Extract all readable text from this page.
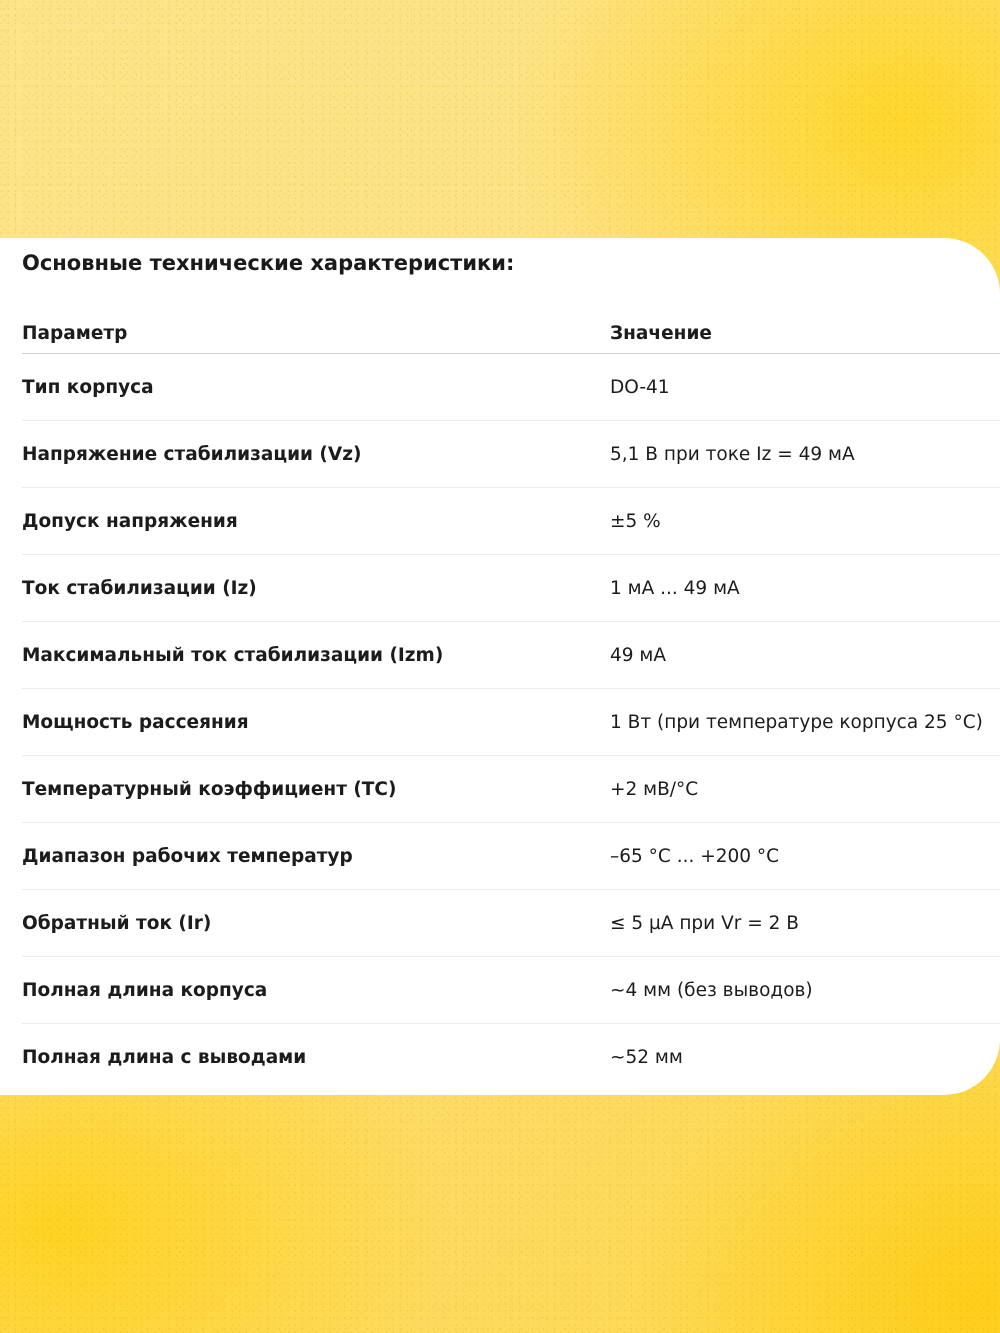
Основные технические характеристики:
Параметр	Значение
Тип корпуса	DO-41
Напряжение стабилизации (Vz)	5,1 В при токе Iz = 49 мА
Допуск напряжения	±5 %
Ток стабилизации (Iz)	1 мА ... 49 мА
Максимальный ток стабилизации (Izm)	49 мА
Мощность рассеяния	1 Вт (при температуре корпуса 25 °C)
Температурный коэффициент (TC)	+2 мВ/°C
Диапазон рабочих температур	–65 °C ... +200 °C
Обратный ток (Ir)	≤ 5 µA при Vr = 2 В
Полная длина корпуса	~4 мм (без выводов)
Полная длина с выводами	~52 мм
